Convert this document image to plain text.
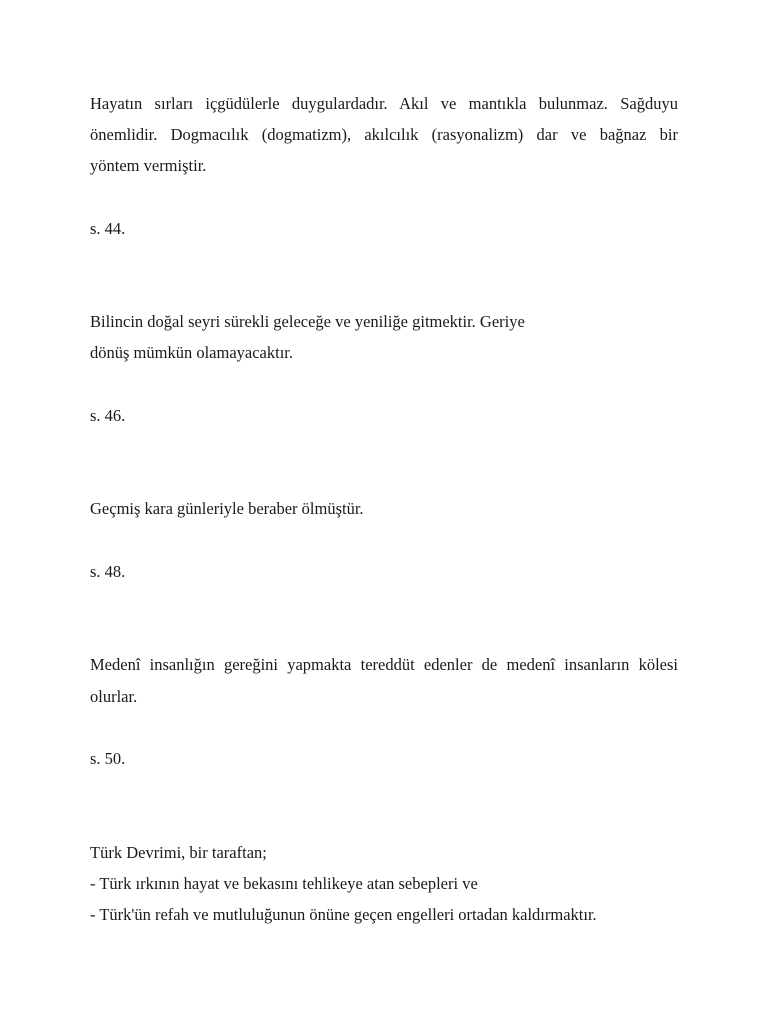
Hayatın sırları içgüdülerle duygulardadır. Akıl ve mantıkla bulunmaz. Sağduyu
önemlidir. Dogmacılık (dogmatizm), akılcılık (rasyonalizm) dar ve bağnaz bir
yöntem vermiştir.
s. 44.
Bilincin doğal seyri sürekli geleceğe ve yeniliğe gitmektir. Geriye
dönüş mümkün olamayacaktır.
s. 46.
Geçmiş kara günleriyle beraber ölmüştür.
s. 48.
Medenî insanlığın gereğini yapmakta tereddüt edenler de medenî insanların kölesi
olurlar.
s. 50.
Türk Devrimi, bir taraftan;
- Türk ırkının hayat ve bekasını tehlikeye atan sebepleri ve
- Türk'ün refah ve mutluluğunun önüne geçen engelleri ortadan kaldırmaktır.
